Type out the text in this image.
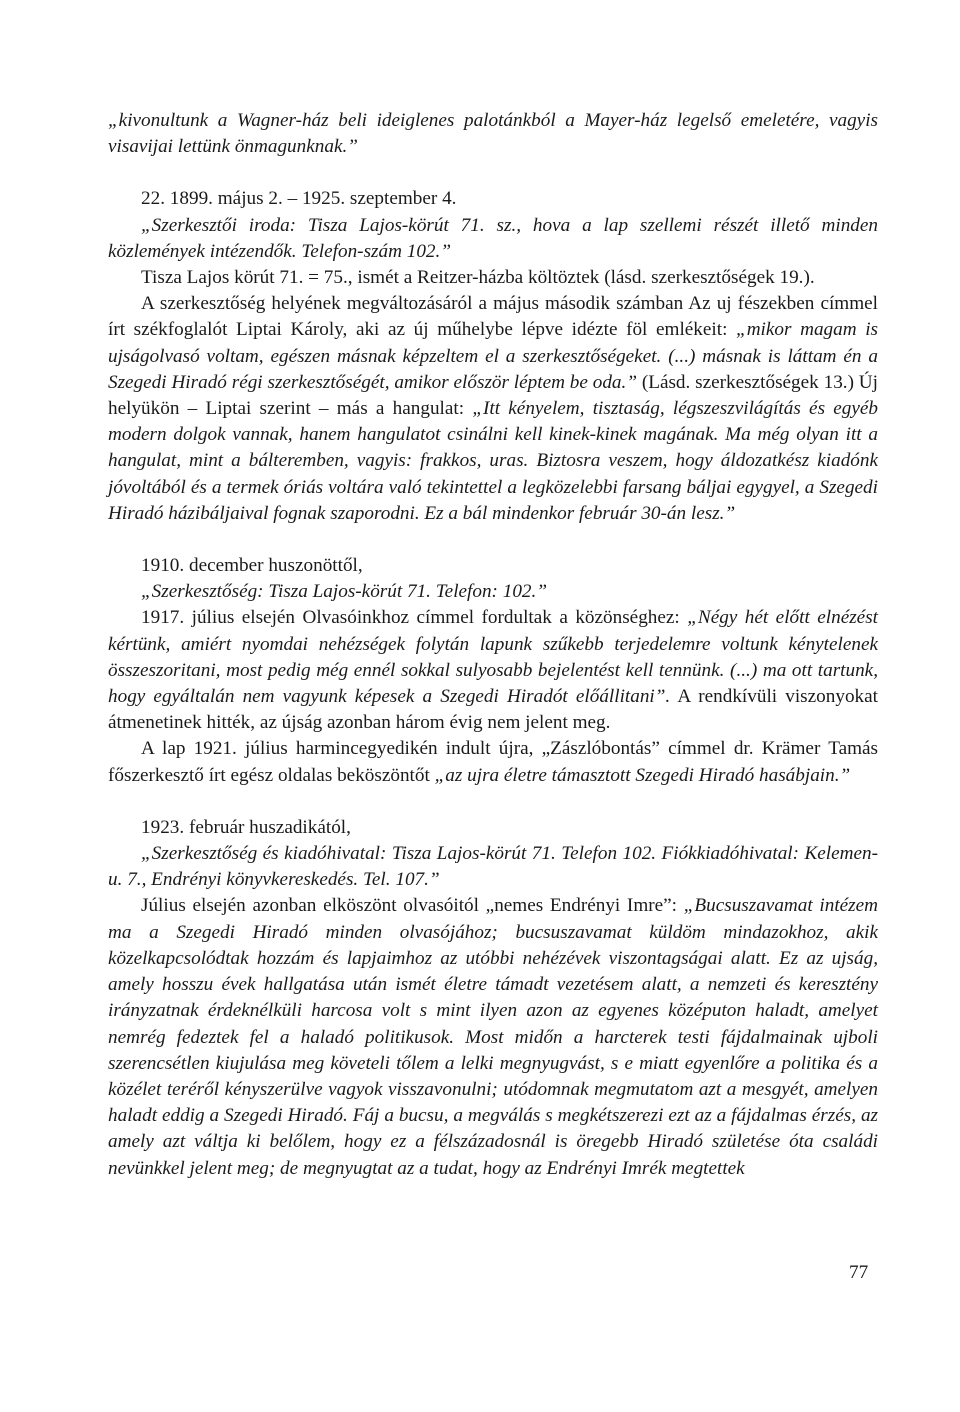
„kivonultunk a Wagner-ház beli ideiglenes palotánkból a Mayer-ház legelső emeletére, vagyis visavijai lettünk önmagunknak.”

22. 1899. május 2. – 1925. szeptember 4.

„Szerkesztői iroda: Tisza Lajos-körút 71. sz., hova a lap szellemi részét illető minden közlemények intézendők. Telefon-szám 102.”

Tisza Lajos körút 71. = 75., ismét a Reitzer-házba költöztek (lásd. szerkesztőségek 19.).

A szerkesztőség helyének megváltozásáról a május második számban Az uj fészekben címmel írt székfoglalót Liptai Károly, aki az új műhelybe lépve idézte föl emlékeit: „mikor magam is ujságolvasó voltam, egészen másnak képzeltem el a szerkesztőségeket. (...) másnak is láttam én a Szegedi Hiradó régi szerkesztőségét, amikor először léptem be oda.” (Lásd. szerkesztőségek 13.) Új helyükön – Liptai szerint – más a hangulat: „Itt kényelem, tisztaság, légszeszvilágítás és egyéb modern dolgok vannak, hanem hangulatot csinálni kell kinek-kinek magának. Ma még olyan itt a hangulat, mint a bálteremben, vagyis: frakkos, uras. Biztosra veszem, hogy áldozatkész kiadónk jóvoltából és a termek óriás voltára való tekintettel a legközelebbi farsang báljai egygyel, a Szegedi Hiradó házibáljaival fognak szaporodni. Ez a bál mindenkor február 30-án lesz.”

1910. december huszonöttől,

„Szerkesztőség: Tisza Lajos-körút 71. Telefon: 102.”

1917. július elsején Olvasóinkhoz címmel fordultak a közönséghez: „Négy hét előtt elnézést kértünk, amiért nyomdai nehézségek folytán lapunk szűkebb terjedelemre voltunk kénytelenek összeszoritani, most pedig még ennél sokkal sulyosabb bejelentést kell tennünk. (...) ma ott tartunk, hogy egyáltalán nem vagyunk képesek a Szegedi Hiradót előállitani”. A rendkívüli viszonyokat átmenetinek hitték, az újság azonban három évig nem jelent meg.

A lap 1921. július harmincegyedikén indult újra, „Zászlóbontás” címmel dr. Krämer Tamás főszerkesztő írt egész oldalas beköszöntőt „az ujra életre támasztott Szegedi Hiradó hasábjain.”

1923. február huszadikától,

„Szerkesztőség és kiadóhivatal: Tisza Lajos-körút 71. Telefon 102. Fiókkiadóhivatal: Kelemen-u. 7., Endrényi könyvkereskedés. Tel. 107.”

Július elsején azonban elköszönt olvasóitól „nemes Endrényi Imre”: „Bucsuszavamat intézem ma a Szegedi Hiradó minden olvasójához; bucsuszavamat küldöm mindazokhoz, akik közelkapcsolódtak hozzám és lapjaimhoz az utóbbi nehézévek viszontagságai alatt. Ez az ujság, amely hosszu évek hallgatása után ismét életre támadt vezetésem alatt, a nemzeti és keresztény irányzatnak érdeknélküli harcosa volt s mint ilyen azon az egyenes középuton haladt, amelyet nemrég fedeztek fel a haladó politikusok. Most midőn a harcterek testi fájdalmainak ujboli szerencsétlen kiujulása meg követeli tőlem a lelki megnyugvást, s e miatt egyenlőre a politika és a közélet teréről kényszerülve vagyok visszavonulni; utódomnak megmutatom azt a mesgyét, amelyen haladt eddig a Szegedi Hiradó. Fáj a bucsu, a megválás s megkétszerezi ezt az a fájdalmas érzés, az amely azt váltja ki belőlem, hogy ez a félszázadosnál is öregebb Hiradó születése óta családi nevünkkel jelent meg; de megnyugtat az a tudat, hogy az Endrényi Imrék megtettek

77
